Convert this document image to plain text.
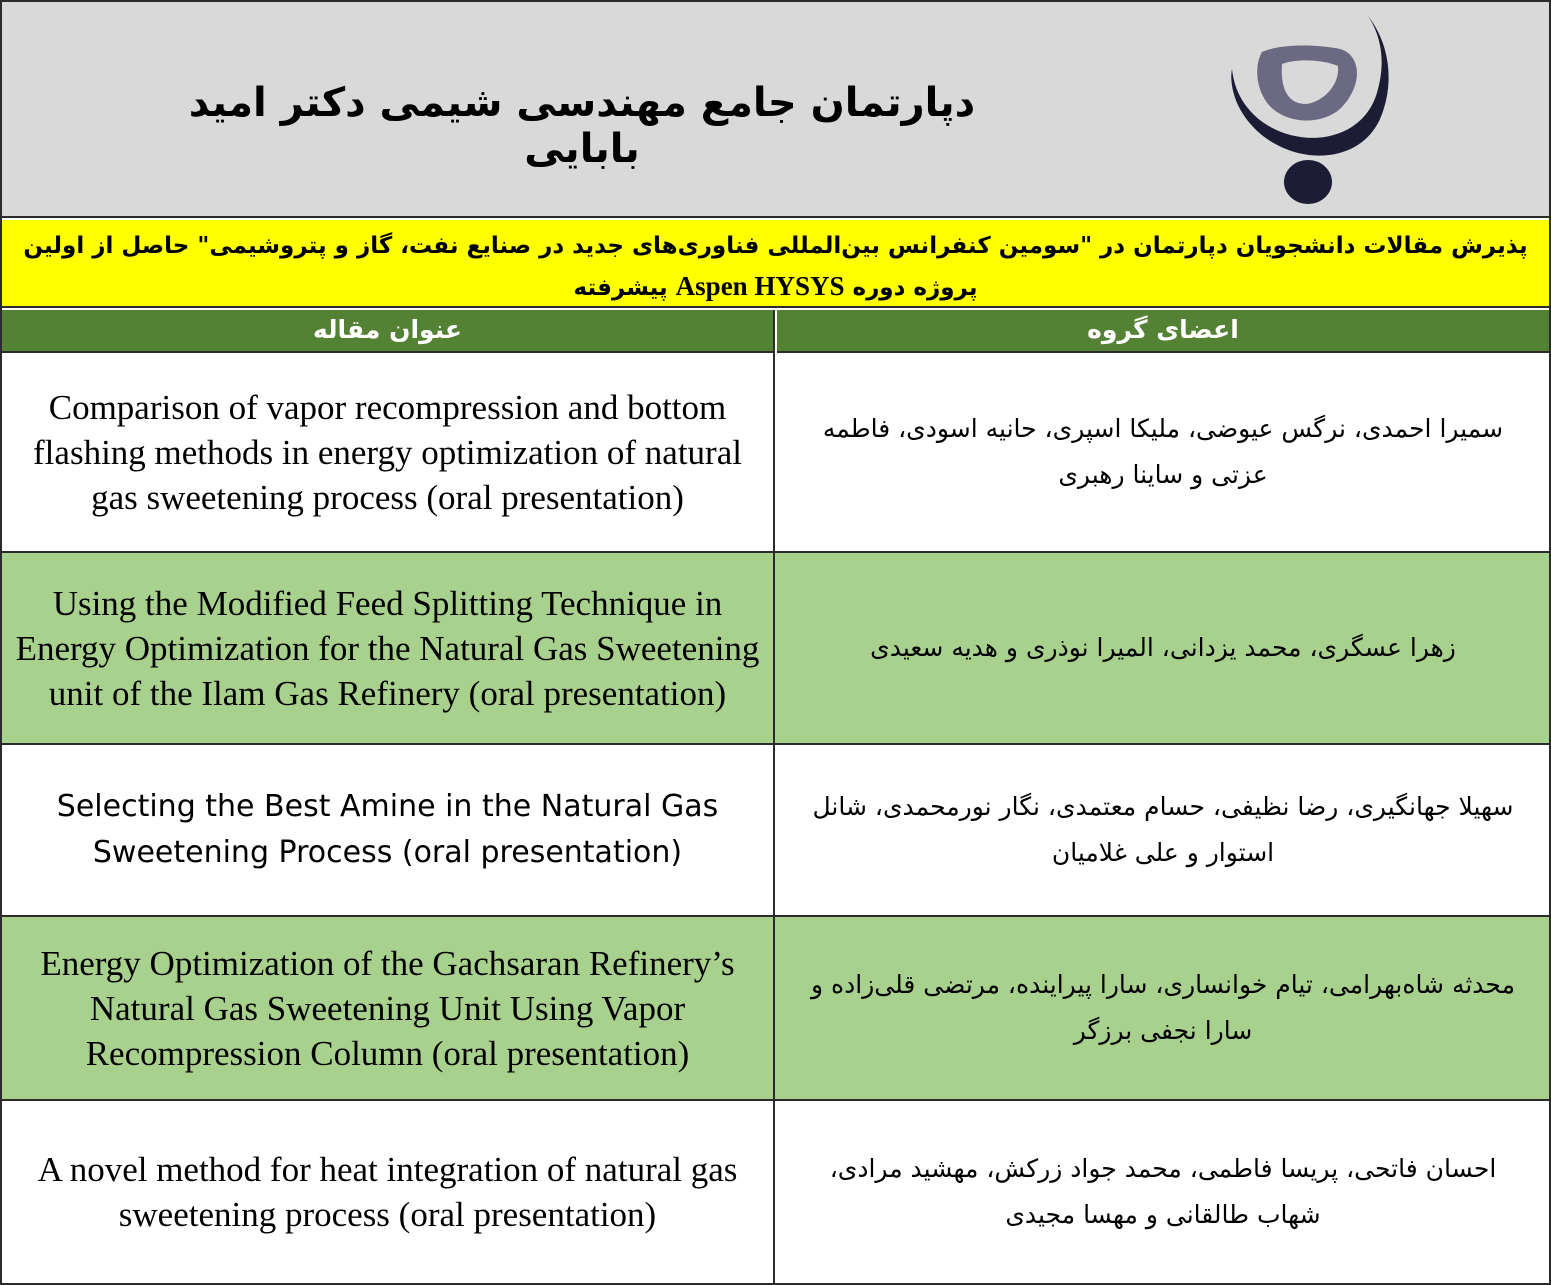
دپارتمان جامع مهندسی شیمی دکتر امید بابایی
پذیرش مقالات دانشجویان دپارتمان در "سومین کنفرانس بین‌المللی فناوری‌های جدید در صنایع نفت، گاز و پتروشیمی" حاصل از اولین پروژه دوره Aspen HYSYS پیشرفته
عنوان مقاله	اعضای گروه
Comparison of vapor recompression and bottom flashing methods in energy optimization of natural gas sweetening process (oral presentation)
سمیرا احمدی، نرگس عیوضی، ملیکا اسپری، حانیه اسودی، فاطمه عزتی و ساینا رهبری
Using the Modified Feed Splitting Technique in Energy Optimization for the Natural Gas Sweetening unit of the Ilam Gas Refinery (oral presentation)
زهرا عسگری، محمد یزدانی، المیرا نوذری و هدیه سعیدی
Selecting the Best Amine in the Natural Gas Sweetening Process (oral presentation)
سهیلا جهانگیری، رضا نظیفی، حسام معتمدی، نگار نورمحمدی، شانل استوار و علی غلامیان
Energy Optimization of the Gachsaran Refinery’s Natural Gas Sweetening Unit Using Vapor Recompression Column (oral presentation)
محدثه شاه‌بهرامی، تیام خوانساری، سارا پیراینده، مرتضی قلی‌زاده و سارا نجفی برزگر
A novel method for heat integration of natural gas sweetening process (oral presentation)
احسان فاتحی، پریسا فاطمی، محمد جواد زرکش، مهشید مرادی، شهاب طالقانی و مهسا مجیدی
